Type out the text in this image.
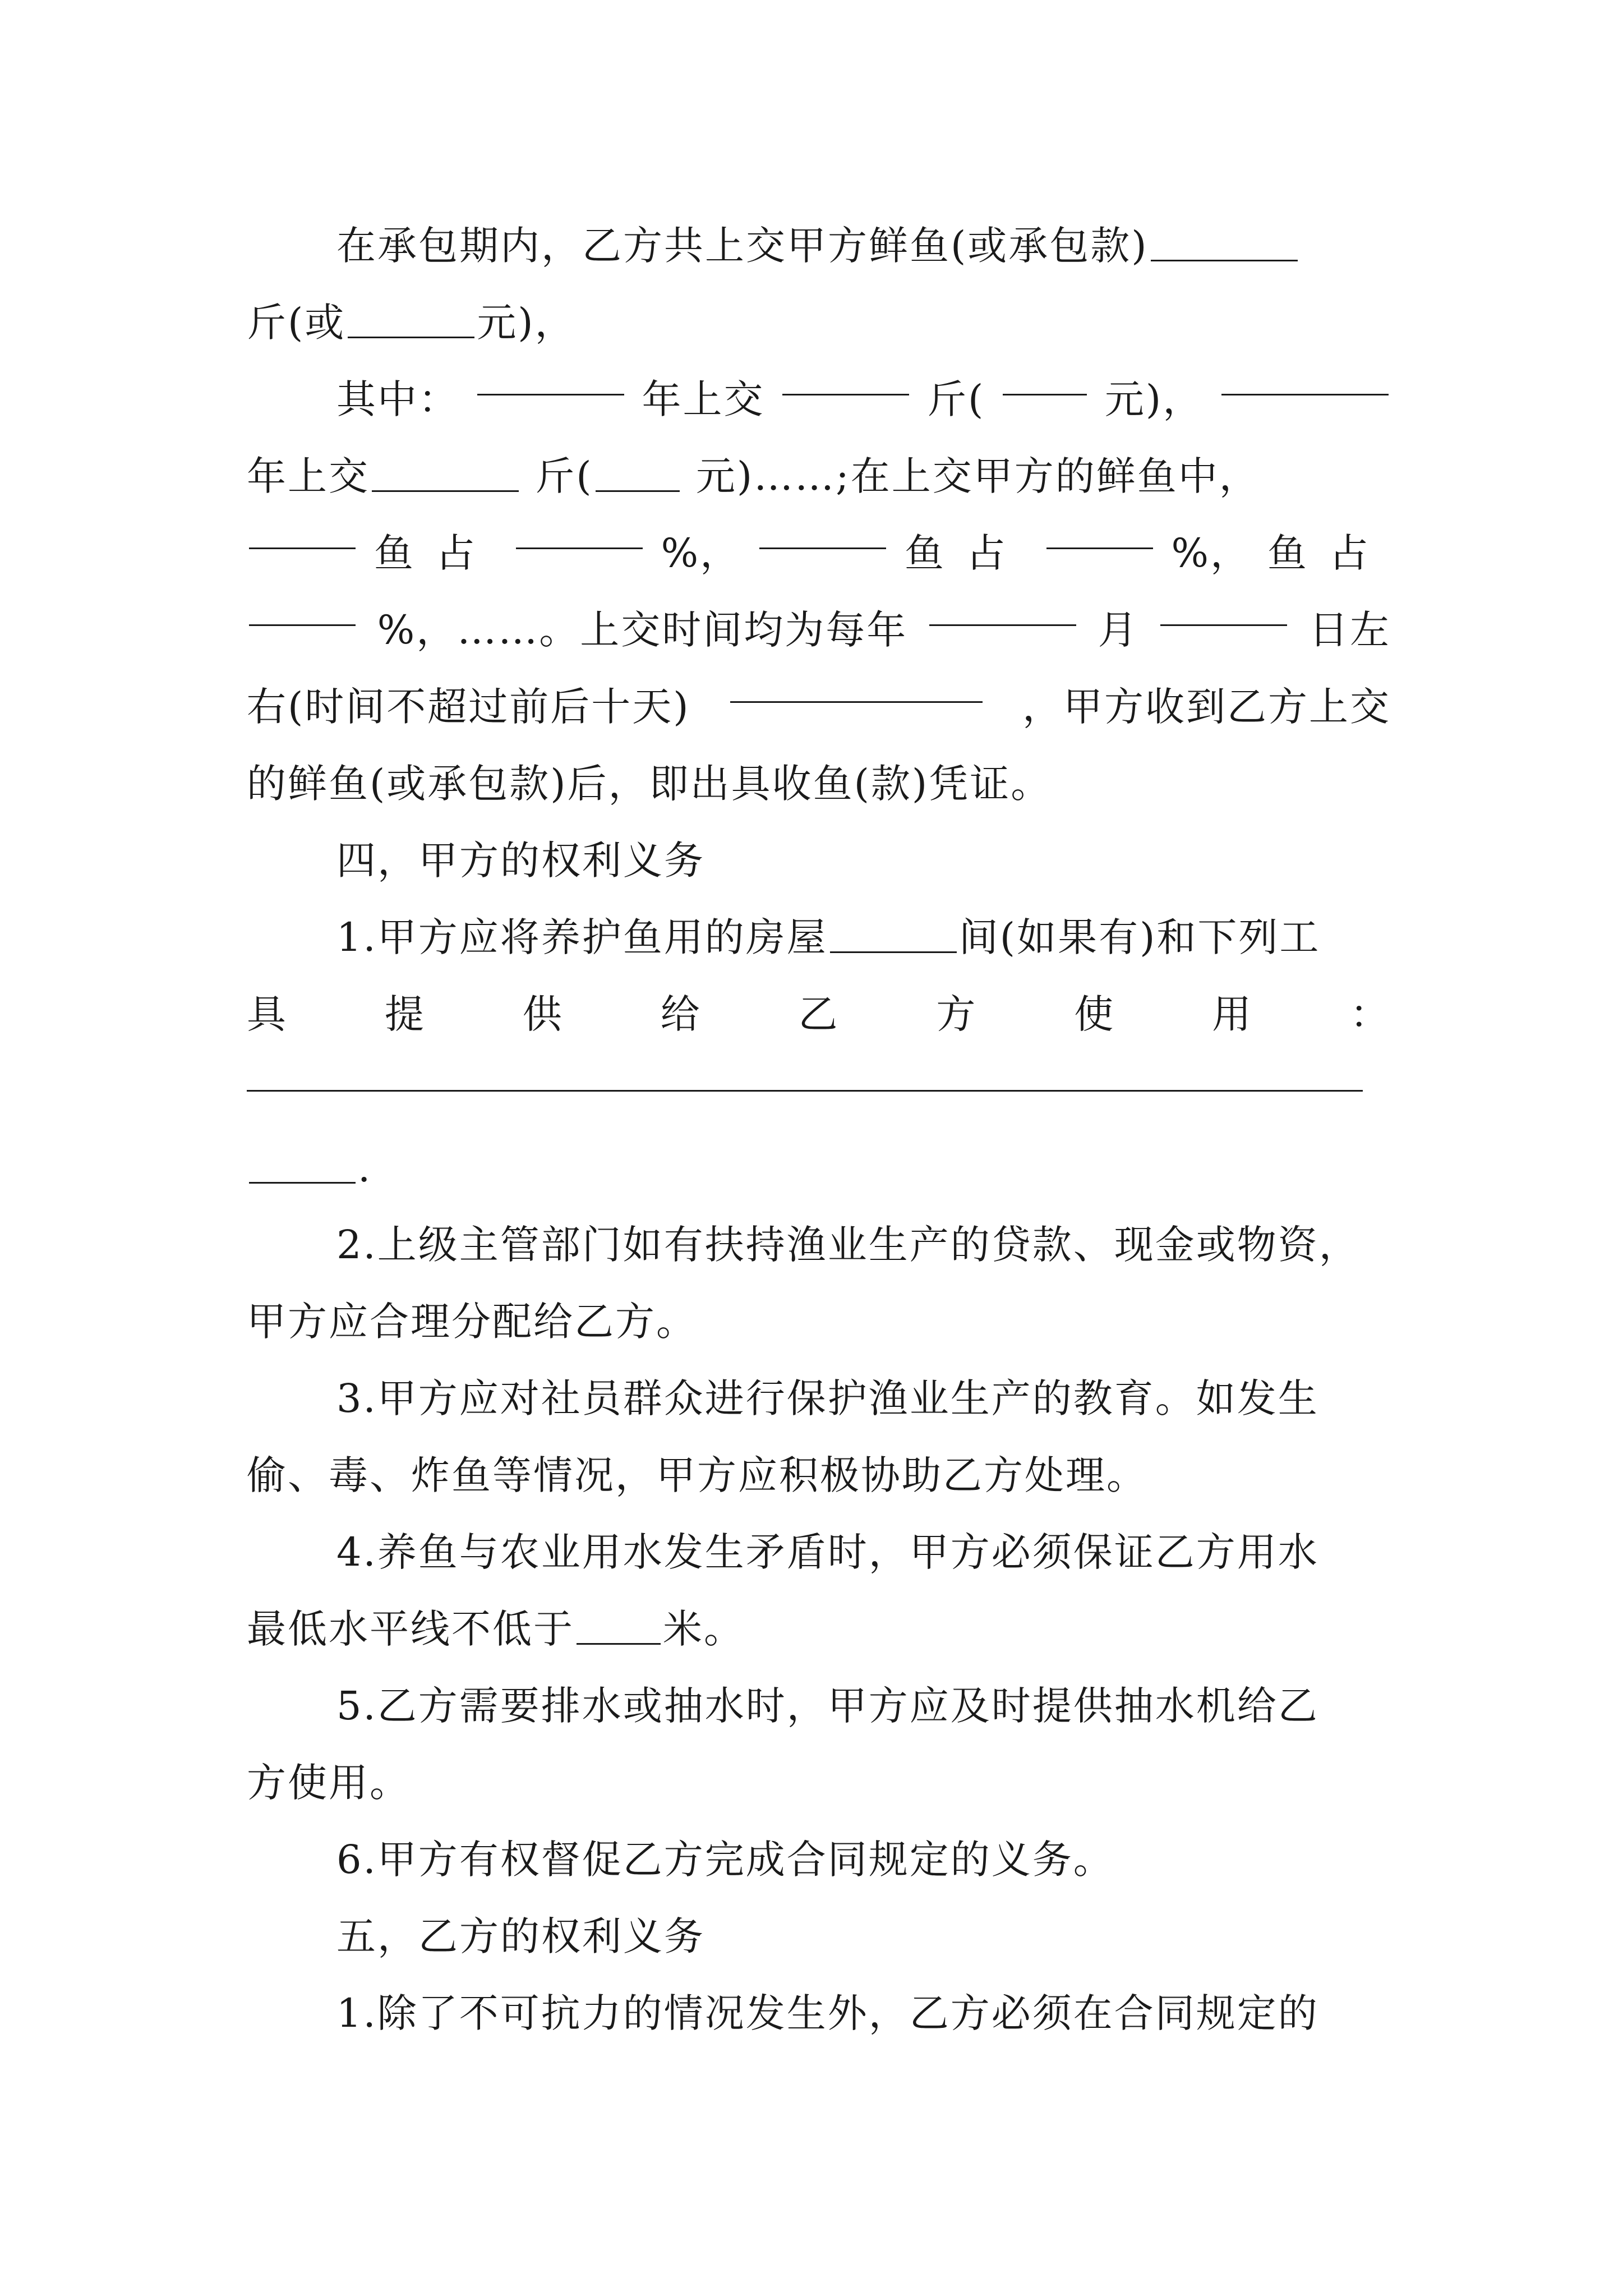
在承包期内，乙方共上交甲方鲜鱼(或承包款)
斤(或	元)，
其中：	年上交	斤(	元)，
年上交	斤(	元)……;在上交甲方的鲜鱼中，
鱼占	%，	鱼占	%， 鱼占
%，……。上交时间均为每年	月	日左
右(时间不超过前后十天)	，甲方收到乙方上交
的鲜鱼(或承包款)后，即出具收鱼(款)凭证。
四，甲方的权利义务
1.甲方应将养护鱼用的房屋	间(如果有)和下列工
具 提 供 给 乙 方 使 用 ：
.
2.上级主管部门如有扶持渔业生产的贷款、现金或物资，
甲方应合理分配给乙方。
3.甲方应对社员群众进行保护渔业生产的教育。如发生
偷、毒、炸鱼等情况，甲方应积极协助乙方处理。
4.养鱼与农业用水发生矛盾时，甲方必须保证乙方用水
最低水平线不低于 米。
5.乙方需要排水或抽水时，甲方应及时提供抽水机给乙
方使用。
6.甲方有权督促乙方完成合同规定的义务。
五，乙方的权利义务
1.除了不可抗力的情况发生外，乙方必须在合同规定的
